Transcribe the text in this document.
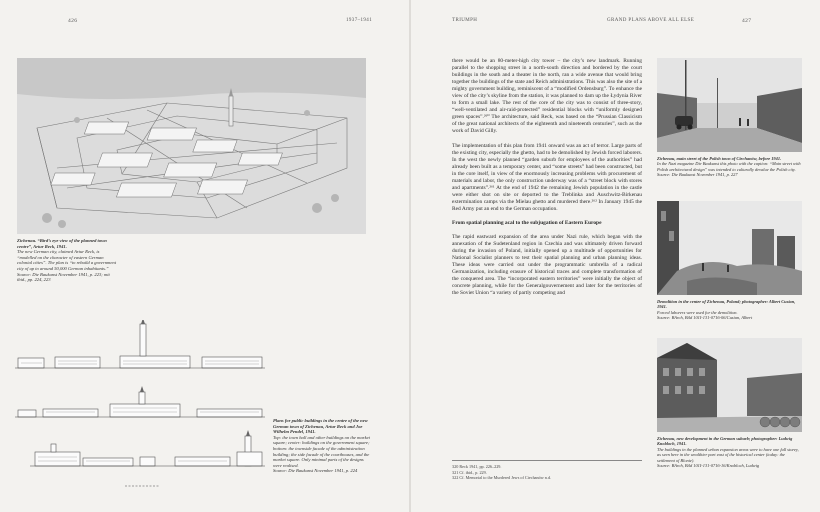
426	1937–1941
Zichenau. “Bird’s eye view of the planned town centre”, Artur Reck, 1941.
The new German city, claimed Artur Reck, is “modelled on the character of eastern German colonial cities”. The plan is “to rebuild a government city of up to around 50,000 German inhabitants.”
Source: Die Baukunst November 1941, p. 223; mit ibid., pp. 224, 223
Plans for public buildings in the centre of the new German town of Zichenau, Artur Reck and Joe Wilhelm Pendel, 1941.
Top: the town hall and other buildings on the market square; center: buildings on the government square; bottom: the townside facade of the administration building; the side facade of the courthouses, and the market square. Only minimal parts of the designs were realised.
Source: Die Baukunst November 1941, p. 224
TRIUMPH	GRAND PLANS ABOVE ALL ELSE	427

there would be an 80-meter-high city tower – the city’s new landmark. Running parallel to the shopping street in a north-south direction and bordered by the court buildings in the south and a theater in the north, ran a wide avenue that would bring together the buildings of the state and Reich administrations. This was also the site of a mighty government building, reminiscent of a “modified Ordensburg”. To enhance the view of the city’s skyline from the station, it was planned to dam up the Łydynia River to form a small lake. The rest of the core of the city was to consist of three-story, “well-ventilated and air-raid-protected” residential blocks with “uniformly designed green spaces”.²⁶⁰ The architecture, said Reck, was based on the “Prussian Classicism of the great national architects of the eighteenth and nineteenth centuries”, such as the work of David Gilly.

The implementation of this plan from 1941 onward was an act of terror. Large parts of the existing city, especially the ghetto, had to be demolished by Jewish forced laborers. In the west the newly planned “garden suburb for employees of the authorities” had already been built as a temporary center, and “some streets” had been constructed, but in the core itself, in view of the enormously increasing problems with procurement of materials and labor, the only construction underway was of a “street block with stores and apartments”.²⁶¹ At the end of 1942 the remaining Jewish population in the castle were either shot on site or deported to the Treblinka and Auschwitz-Birkenau extermination camps via the Mielau ghetto and murdered there.²⁶² In January 1945 the Red Army put an end to the German occupation.

From spatial planning acal to the subjugation of Eastern Europe

The rapid eastward expansion of the area under Nazi rule, which began with the annexation of the Sudetenland region in Czechia and was ultimately driven forward during the invasion of Poland, initially opened up a multitude of opportunities for National Socialist planners to test their spatial planning and urban planning ideas. These ideas were carried out under the programmatic umbrella of a radical Germanization, including erasure of historical traces and complete transformation of the conquered area. The “incorporated eastern territories” were initially the object of concrete planning, while for the Generalgouvernement and later for the territories of the Soviet Union “a variety of partly competing and

320 Reck 1941, pp. 226–229.
321 Cf. ibid., p. 229.
322 Cf. Memorial to the Murdered Jews of Ciechanów n.d.
Zichenau, main street of the Polish town of Ciechanów, before 1941.
In the Nazi magazine Die Baukunst this photo with the caption: “Main street with Polish architectural design” was intended to culturally devalue the Polish city.
Source: Die Baukunst November 1941, p. 227
Demolition in the center of Zichenau, Poland; photographer: Albert Cusian, 1941.
Forced laborers were used for the demolition.
Source: BArch, Bild 101I-131-0716-06/Cusian, Albert
Zichenau, new development in the German suburb; photographer: Ludwig Knobloch, 1941.
The buildings in the planned urban expansion areas were to have one full storey, as seen here in the wealthier part east of the historical center (today: the settlement of Blonie).
Source: BArch, Bild 101I-131-0716-16/Knobloch, Ludwig
